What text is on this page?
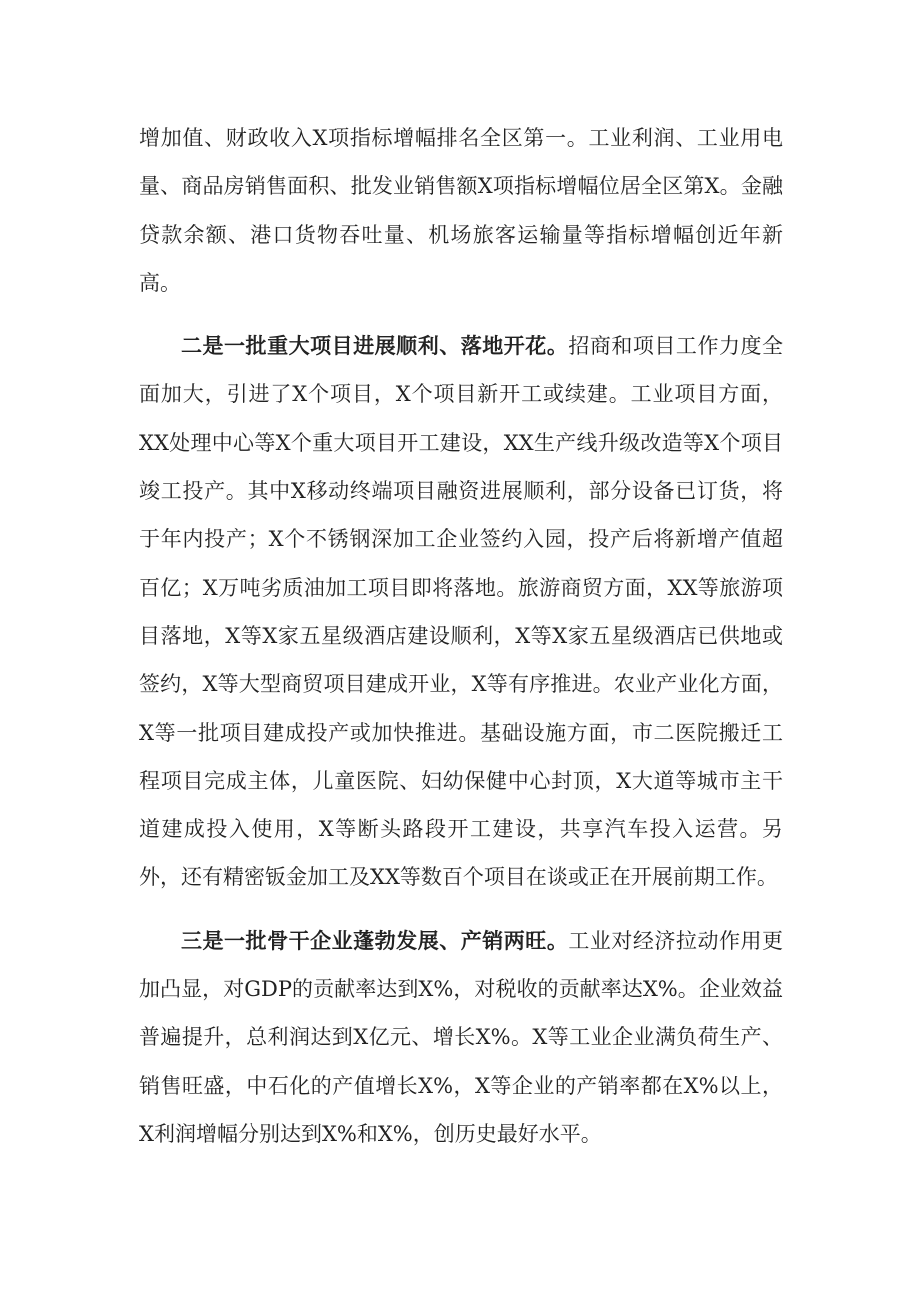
增加值、财政收入X项指标增幅排名全区第一。工业利润、工业用电量、商品房销售面积、批发业销售额X项指标增幅位居全区第X。金融贷款余额、港口货物吞吐量、机场旅客运输量等指标增幅创近年新高。

二是一批重大项目进展顺利、落地开花。招商和项目工作力度全面加大，引进了X个项目，X个项目新开工或续建。工业项目方面，XX处理中心等X个重大项目开工建设，XX生产线升级改造等X个项目竣工投产。其中X移动终端项目融资进展顺利，部分设备已订货，将于年内投产；X个不锈钢深加工企业签约入园，投产后将新增产值超百亿；X万吨劣质油加工项目即将落地。旅游商贸方面，XX等旅游项目落地，X等X家五星级酒店建设顺利，X等X家五星级酒店已供地或签约，X等大型商贸项目建成开业，X等有序推进。农业产业化方面，X等一批项目建成投产或加快推进。基础设施方面，市二医院搬迁工程项目完成主体，儿童医院、妇幼保健中心封顶，X大道等城市主干道建成投入使用，X等断头路段开工建设，共享汽车投入运营。另外，还有精密钣金加工及XX等数百个项目在谈或正在开展前期工作。

三是一批骨干企业蓬勃发展、产销两旺。工业对经济拉动作用更加凸显，对GDP的贡献率达到X%，对税收的贡献率达X%。企业效益普遍提升，总利润达到X亿元、增长X%。X等工业企业满负荷生产、销售旺盛，中石化的产值增长X%，X等企业的产销率都在X%以上，X利润增幅分别达到X%和X%，创历史最好水平。
